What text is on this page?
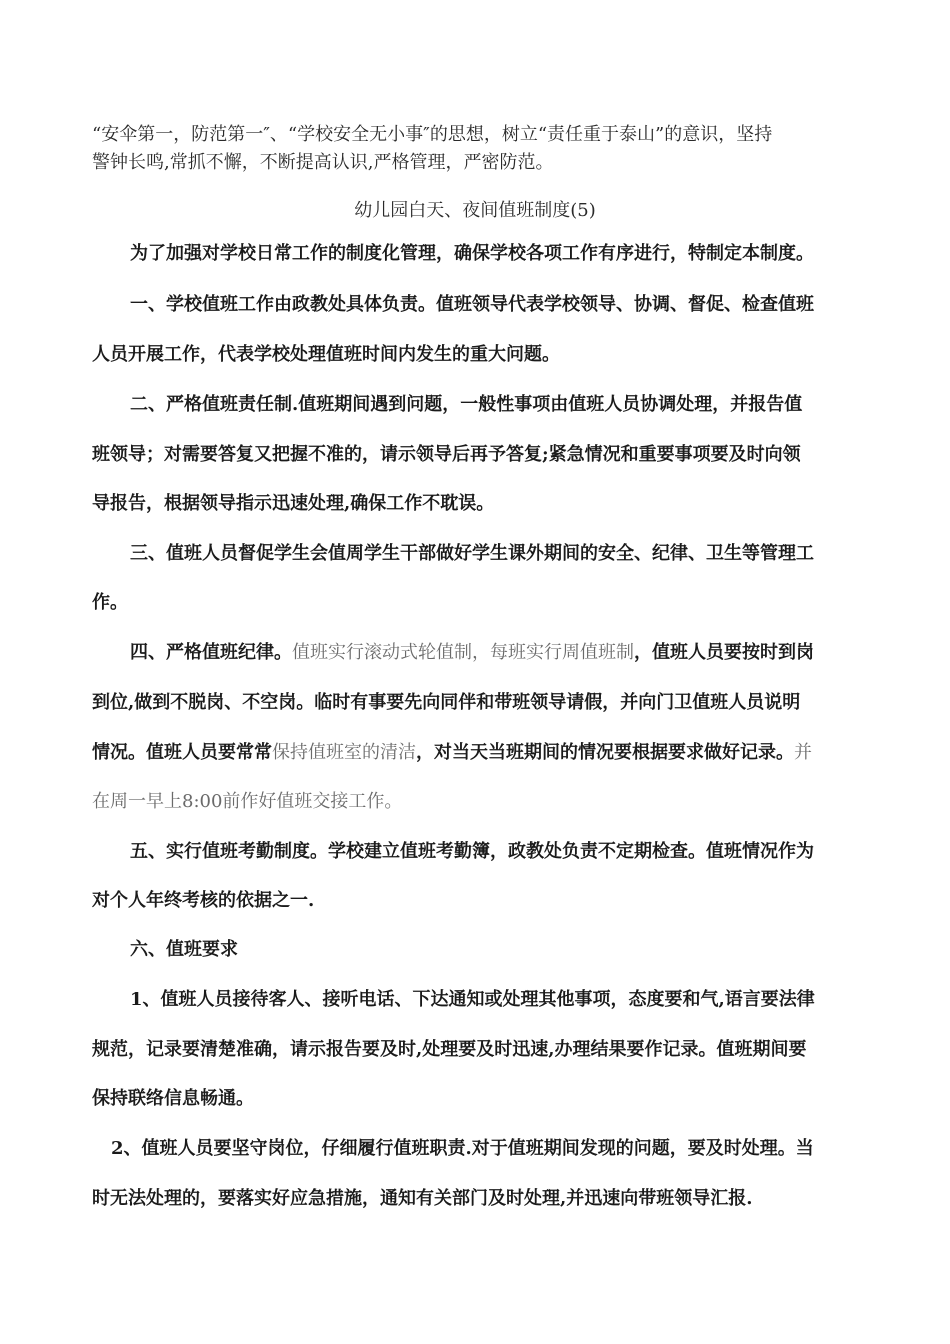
“安伞第一，防范第一″、“学校安全无小事″的思想，树立“责任重于泰山”的意识，坚持
警钟长鸣,常抓不懈，不断提高认识,严格管理，严密防范。
幼儿园白天、夜间值班制度(5)
为了加强对学校日常工作的制度化管理，确保学校各项工作有序进行，特制定本制度。
一、学校值班工作由政教处具体负责。值班领导代表学校领导、协调、督促、检查值班
人员开展工作，代表学校处理值班时间内发生的重大问题。
二、严格值班责任制.值班期间遇到问题，一般性事项由值班人员协调处理，并报告值
班领导；对需要答复又把握不准的，请示领导后再予答复;紧急情况和重要事项要及时向领
导报告，根据领导指示迅速处理,确保工作不耽误。
三、值班人员督促学生会值周学生干部做好学生课外期间的安全、纪律、卫生等管理工
作。
四、严格值班纪律。值班实行滚动式轮值制，每班实行周值班制，值班人员要按时到岗
到位,做到不脱岗、不空岗。临时有事要先向同伴和带班领导请假，并向门卫值班人员说明
情况。值班人员要常常保持值班室的清洁，对当天当班期间的情况要根据要求做好记录。并
在周一早上8:00前作好值班交接工作。
五、实行值班考勤制度。学校建立值班考勤簿，政教处负责不定期检查。值班情况作为
对个人年终考核的依据之一.
六、值班要求
1、值班人员接待客人、接听电话、下达通知或处理其他事项，态度要和气,语言要法律
规范，记录要清楚准确，请示报告要及时,处理要及时迅速,办理结果要作记录。值班期间要
保持联络信息畅通。
2、值班人员要坚守岗位，仔细履行值班职责.对于值班期间发现的问题，要及时处理。当
时无法处理的，要落实好应急措施，通知有关部门及时处理,并迅速向带班领导汇报.
